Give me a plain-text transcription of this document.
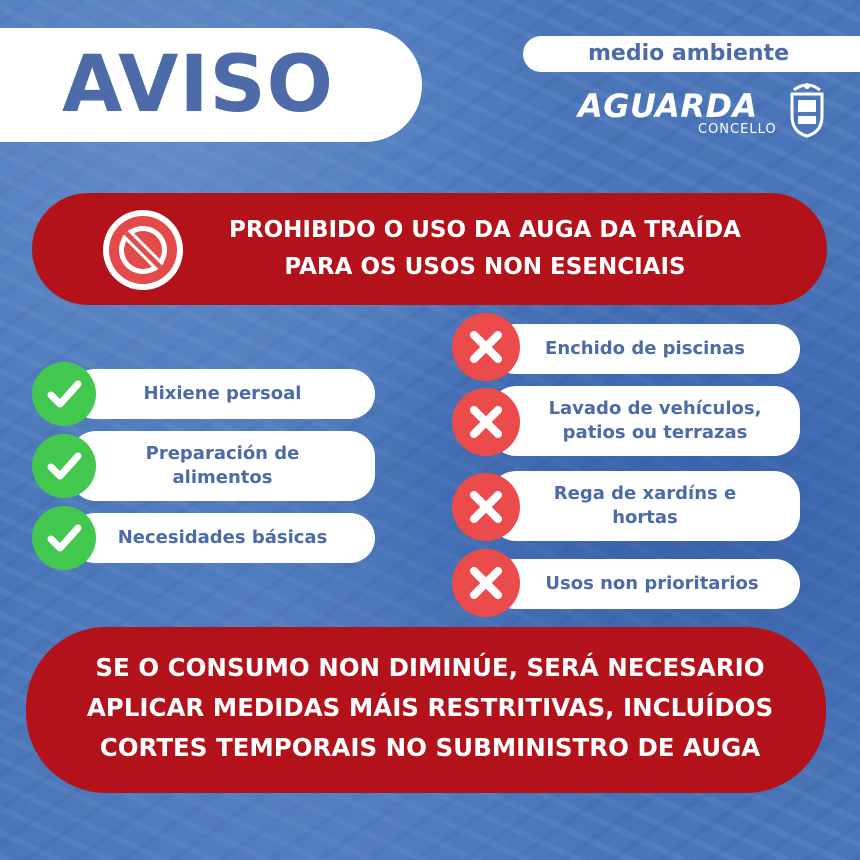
AVISO	medio ambiente
AGUARDA
CONCELLO
PROHIBIDO O USO DA AUGA DA TRAÍDA
PARA OS USOS NON ESENCIAIS
Hixiene persoal
Preparación de alimentos
Necesidades básicas
Enchido de piscinas
Lavado de vehículos, patios ou terrazas
Rega de xardíns e hortas
Usos non prioritarios
SE O CONSUMO NON DIMINÚE, SERÁ NECESARIO
APLICAR MEDIDAS MÁIS RESTRITIVAS, INCLUÍDOS
CORTES TEMPORAIS NO SUBMINISTRO DE AUGA
